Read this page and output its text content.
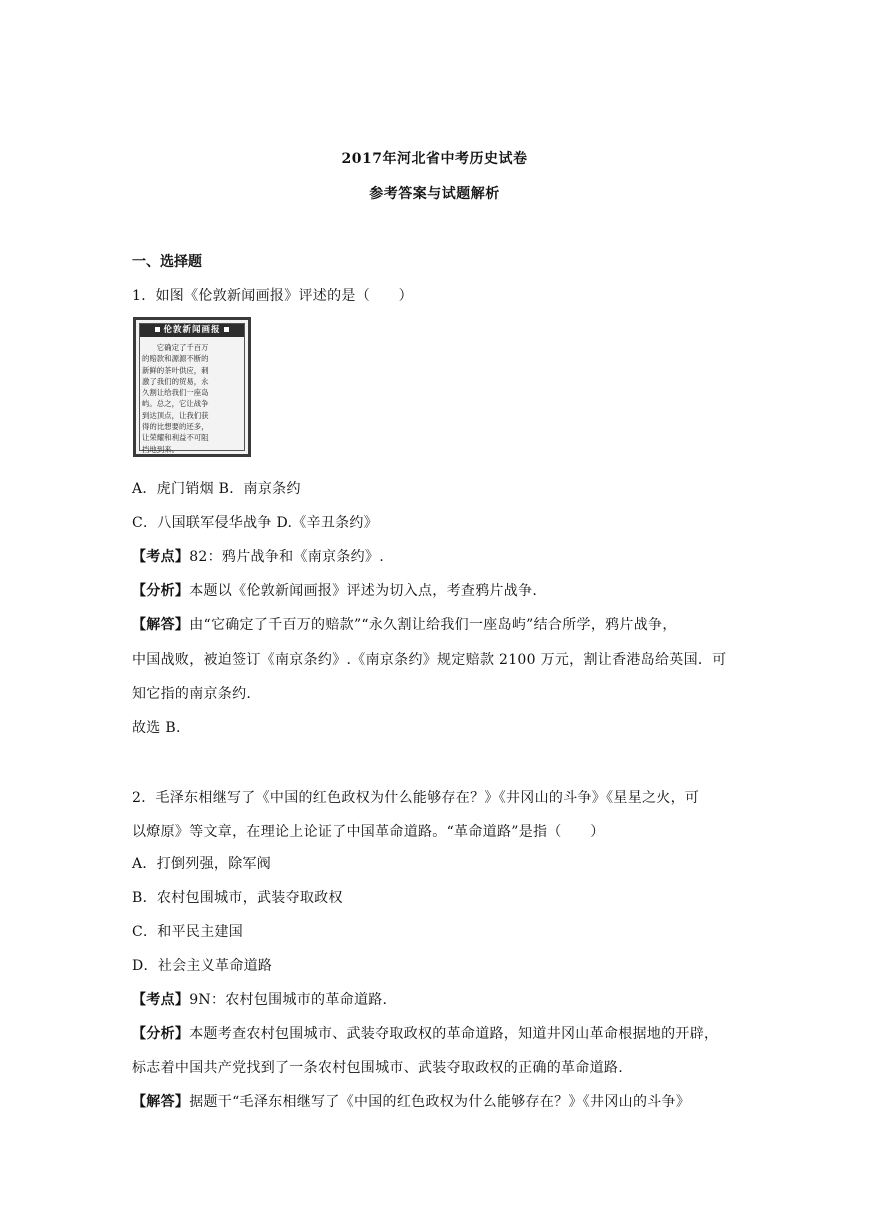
2017年河北省中考历史试卷
参考答案与试题解析
一、选择题
1．如图《伦敦新闻画报》评述的是（　　）
伦敦新闻画报
　　它确定了千百万
的赔款和源源不断的
新鲜的茶叶供应，刺
激了我们的贸易，永
久割让给我们一座岛
屿。总之，它让战争
到达顶点，让我们获
得的比想要的还多，
让荣耀和利益不可阻
挡地到来。
A．虎门销烟 B．南京条约
C．八国联军侵华战争 D.《辛丑条约》
【考点】82：鸦片战争和《南京条约》.
【分析】本题以《伦敦新闻画报》评述为切入点，考查鸦片战争.
【解答】由“它确定了千百万的赔款”“永久割让给我们一座岛屿”结合所学，鸦片战争，
中国战败，被迫签订《南京条约》.《南京条约》规定赔款 2100 万元，割让香港岛给英国．可
知它指的南京条约.
故选 B.
2．毛泽东相继写了《中国的红色政权为什么能够存在？》《井冈山的斗争》《星星之火，可
以燎原》等文章，在理论上论证了中国革命道路。“革命道路”是指（　　）
A．打倒列强，除军阀
B．农村包围城市，武装夺取政权
C．和平民主建国
D．社会主义革命道路
【考点】9N：农村包围城市的革命道路.
【分析】本题考查农村包围城市、武装夺取政权的革命道路，知道井冈山革命根据地的开辟，
标志着中国共产党找到了一条农村包围城市、武装夺取政权的正确的革命道路.
【解答】据题干“毛泽东相继写了《中国的红色政权为什么能够存在？》《井冈山的斗争》
